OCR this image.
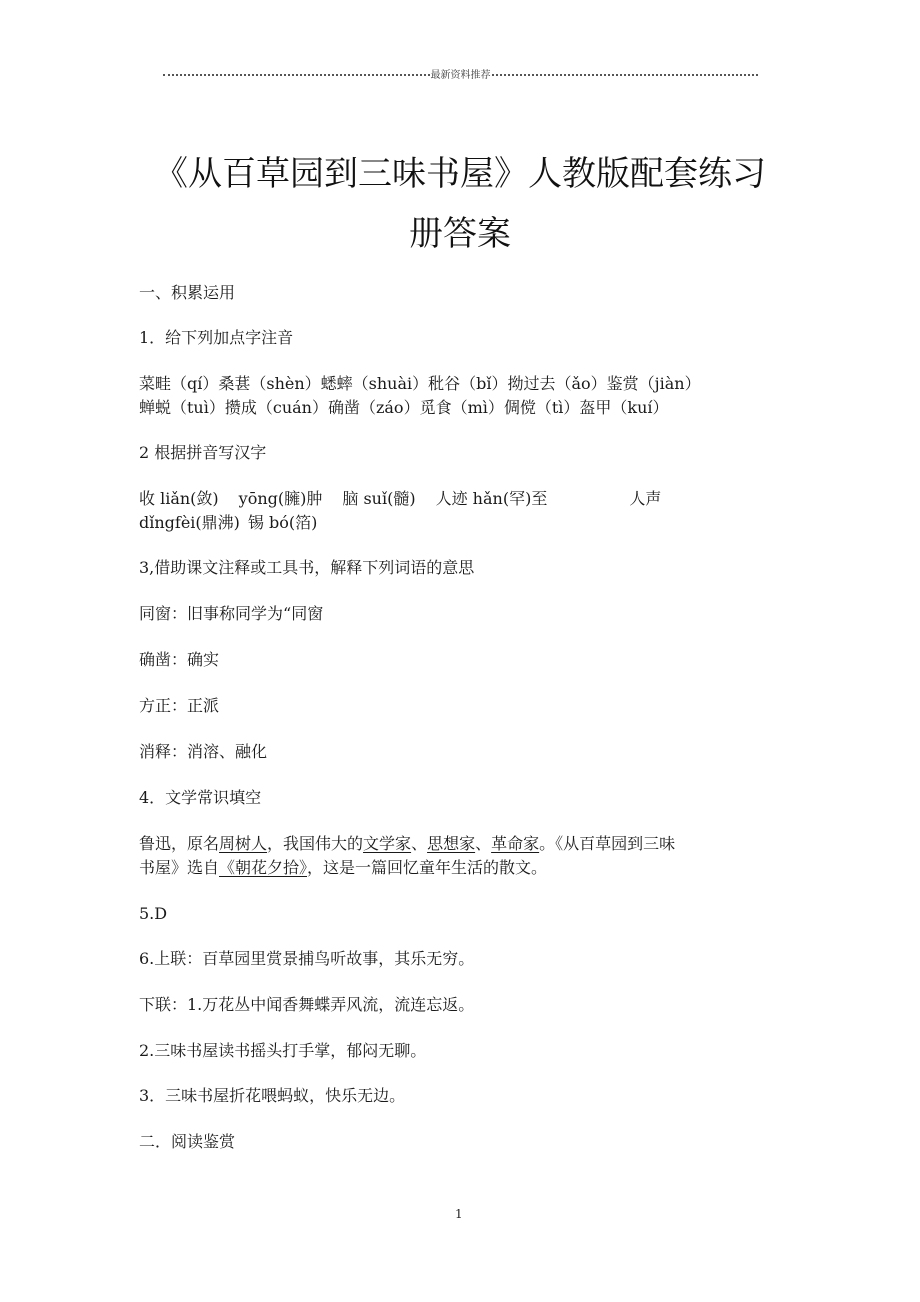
最新资料推荐
《从百草园到三味书屋》人教版配套练习
册答案
一、积累运用
1．给下列加点字注音
菜畦（qí）桑葚（shèn）蟋蟀（shuài）秕谷（bǐ）拗过去（ǎo）鉴赏（jiàn）
蝉蜕（tuì）攒成（cuán）确凿（záo）觅食（mì）倜傥（tì）盔甲（kuí）
2 根据拼音写汉字
收 liǎn(敛) yōng(臃)肿 脑 suǐ(髓) 人迹 hǎn(罕)至	人声
dǐngfèi(鼎沸) 锡 bó(箔)
3,借助课文注释或工具书，解释下列词语的意思
同窗：旧事称同学为“同窗
确凿：确实
方正：正派
消释：消溶、融化
4．文学常识填空
鲁迅，原名周树人，我国伟大的文学家、思想家、革命家。《从百草园到三味
书屋》选自《朝花夕拾》，这是一篇回忆童年生活的散文。
5.D
6.上联：百草园里赏景捕鸟听故事，其乐无穷。
下联：1.万花丛中闻香舞蝶弄风流，流连忘返。
2.三味书屋读书摇头打手掌，郁闷无聊。
3．三味书屋折花喂蚂蚁，快乐无边。
二．阅读鉴赏
1
